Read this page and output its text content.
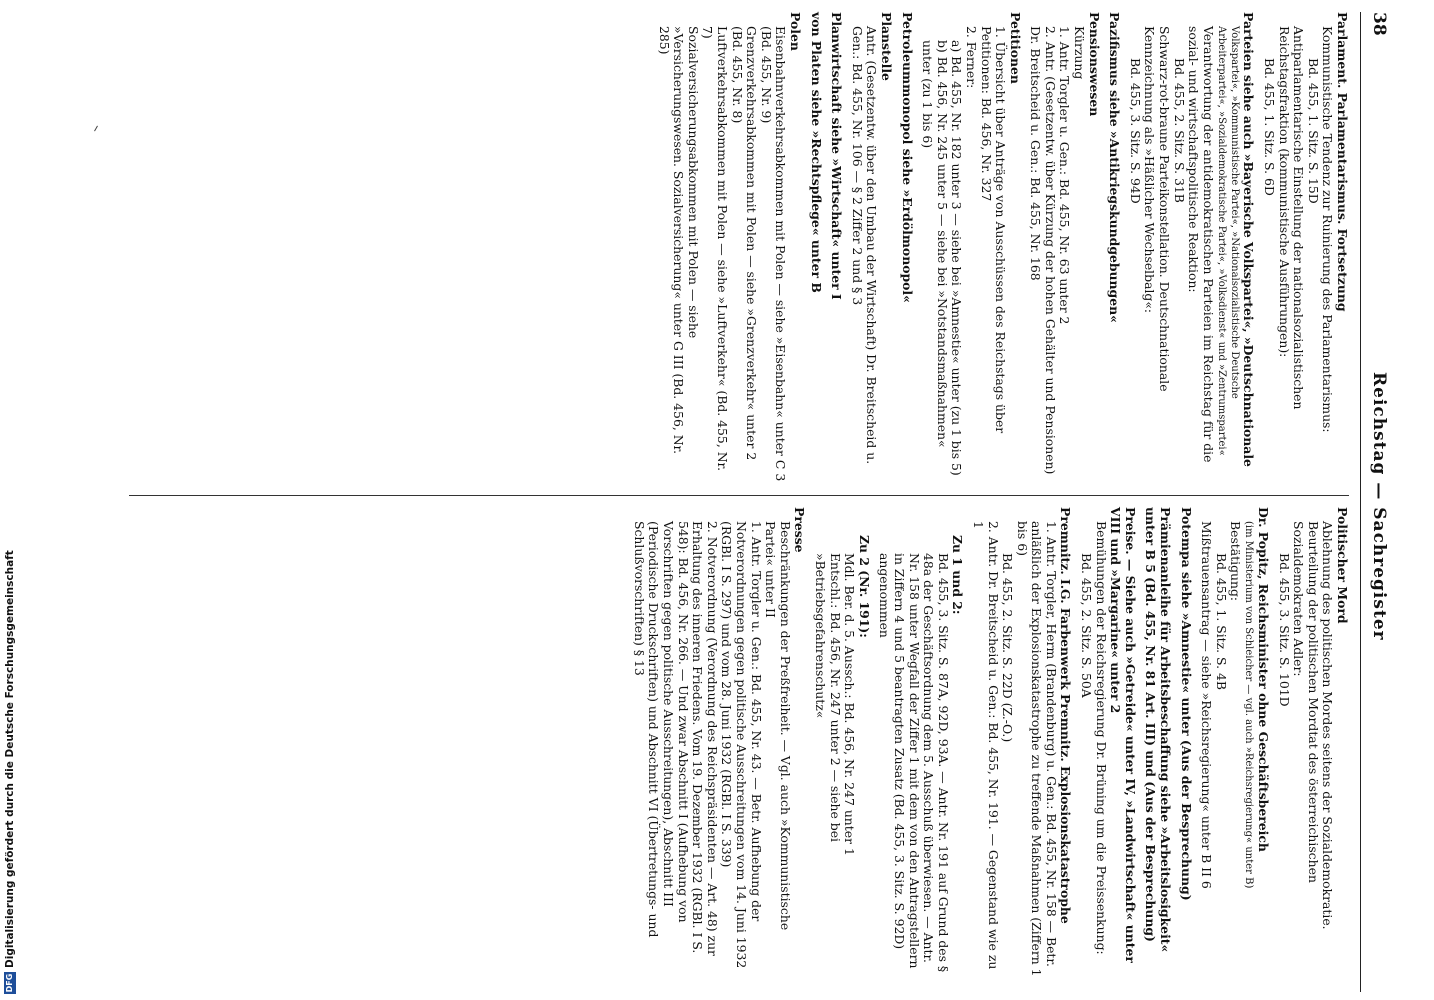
38
Reichstag — Sachregister

Parlament. Parlamentarismus. Fortsetzung

Kommunistische Tendenz zur Ruinierung des Parlamentarismus:

Bd. 455, 1. Sitz. S. 15D

Antiparlamentarische Einstellung der nationalsozialistischen Reichstagsfraktion (kommunistische Ausführungen):

Bd. 455, 1. Sitz. S. 6D

Parteien siehe auch »Bayerische Volkspartei«, »Deutschnationale

Volkspartei«, »Kommunistische Partei«, »Nationalsozialistische Deutsche Arbeiterpartei«, »Sozialdemokratische Partei«, »Volksdienst« und »Zentrumspartei«

Verantwortung der antidemokratischen Parteien im Reichstag für die sozial- und wirtschaftspolitische Reaktion:

Bd. 455, 2. Sitz. S. 31B

Schwarz-rot-braune Parteikonstellation. Deutschnationale Kennzeichnung als »Häßlicher Wechselbalg«:

Bd. 455, 3. Sitz. S. 94D

Pazifismus siehe »Antikriegskundgebungen«

Pensionswesen

Kürzung

1. Antr. Torgler u. Gen.: Bd. 455, Nr. 63 unter 2

2. Antr. (Gesetzentw. über Kürzung der hohen Gehälter und Pensionen) Dr. Breitscheid u. Gen.: Bd. 455, Nr. 168

Petitionen

1. Übersicht über Anträge von Ausschüssen des Reichstags über Petitionen: Bd. 456, Nr. 327

2. Ferner:

a) Bd. 455, Nr. 182 unter 3 — siehe bei »Amnestie« unter (zu 1 bis 5)

b) Bd. 456, Nr. 245 unter 5 — siehe bei »Notstandsmaßnahmen« unter (zu 1 bis 6)

Petroleummonopol siehe »Erdölmonopol«

Planstelle

Antr. (Gesetzentw. über den Umbau der Wirtschaft) Dr. Breitscheid u. Gen.: Bd. 455, Nr. 106 — § 2 Ziffer 2 und § 3

Planwirtschaft siehe »Wirtschaft« unter I

von Platen siehe »Rechtspflege« unter B

Polen

Eisenbahnverkehrsabkommen mit Polen — siehe »Eisenbahn« unter C 3 (Bd. 455, Nr. 9)

Grenzverkehrsabkommen mit Polen — siehe »Grenzverkehr« unter 2 (Bd. 455, Nr. 8)

Luftverkehrsabkommen mit Polen — siehe »Luftverkehr« (Bd. 455, Nr. 7)

Sozialversicherungsabkommen mit Polen — siehe »Versicherungswesen. Sozialversicherung« unter G III (Bd. 456, Nr. 285)

Politischer Mord

Ablehnung des politischen Mordes seitens der Sozialdemokratie. Beurteilung der politischen Mordtat des österreichischen Sozialdemokraten Adler:

Bd. 455, 3. Sitz. S. 101D

Dr. Popitz, Reichsminister ohne Geschäftsbereich

(im Ministerium von Schleicher — vgl. auch »Reichsregierung« unter B)

Bestätigung:

Bd. 455, 1. Sitz. S. 4B

Mißtrauensantrag — siehe »Reichsregierung« unter B II 6

Potempa siehe »Amnestie« unter (Aus der Besprechung)

Prämienanleihe für Arbeitsbeschaffung siehe »Arbeitslosigkeit« unter B 5 (Bd. 455, Nr. 81 Art. III) und (Aus der Besprechung)

Preise. — Siehe auch »Getreide« unter IV, »Landwirtschaft« unter VIII und »Margarine« unter 2

Bemühungen der Reichsregierung Dr. Brüning um die Preissenkung:

Bd. 455, 2. Sitz. S. 50A

Premnitz. I.G. Farbenwerk Premnitz. Explosionskatastrophe

1. Antr. Torgler, Herm (Brandenburg) u. Gen.: Bd. 455, Nr. 158 — Betr. anläßlich der Explosionskatastrophe zu treffende Maßnahmen (Ziffern 1 bis 6)

Bd. 455, 2. Sitz. S. 22D (Z.-O.)

2. Antr. Dr. Breitscheid u. Gen.: Bd. 455, Nr. 191. — Gegenstand wie zu 1

Zu 1 und 2:

Bd. 455, 3. Sitz. S. 87A, 92D, 93A. — Antr. Nr. 191 auf Grund des § 48a der Geschäftsordnung dem 5. Ausschuß überwiesen. — Antr. Nr. 158 unter Wegfall der Ziffer 1 mit dem von den Antragstellern in Ziffern 4 und 5 beantragten Zusatz (Bd. 455, 3. Sitz. S. 92D) angenommen

Zu 2 (Nr. 191):

Mdl. Ber. d. 5. Aussch.: Bd. 456, Nr. 247 unter 1

Entschl.: Bd. 456, Nr. 247 unter 2 — siehe bei »Betriebsgefahrenschutz«

Presse

Beschränkungen der Preßfreiheit. — Vgl. auch »Kommunistische Partei« unter II

1. Antr. Torgler u. Gen.: Bd. 455, Nr. 43. — Betr. Aufhebung der Notverordnungen gegen politische Ausschreitungen vom 14. Juni 1932 (RGBl. I S. 297) und vom 28. Juni 1932 (RGBl. I S. 339)

2. Notverordnung (Verordnung des Reichspräsidenten — Art. 48) zur Erhaltung des inneren Friedens. Vom 19. Dezember 1932 (RGBl. I S. 548): Bd. 456, Nr. 266. — Und zwar Abschnitt I (Aufhebung von Vorschriften gegen politische Ausschreitungen), Abschnitt III (Periodische Druckschriften) und Abschnitt VI (Übertretungs- und Schlußvorschriften) § 13

DFGDigitalisierung gefördert durch die Deutsche Forschungsgemeinschaft
